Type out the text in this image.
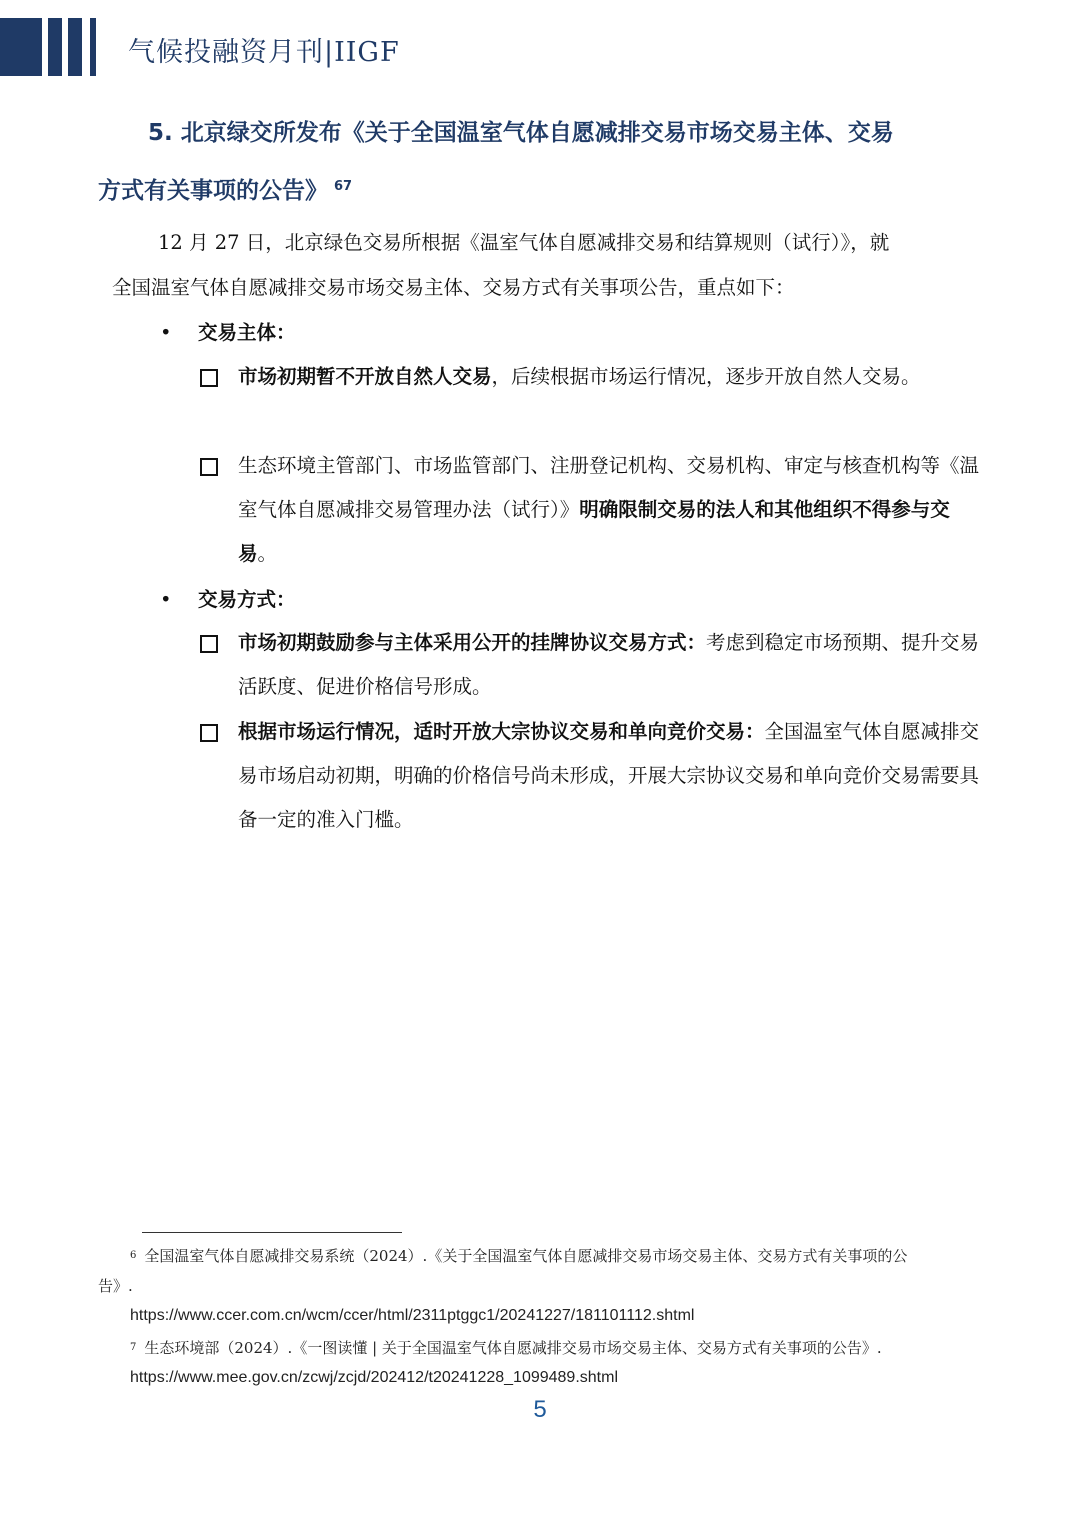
气候投融资月刊|IIGF
5. 北京绿交所发布《关于全国温室气体自愿减排交易市场交易主体、交易
方式有关事项的公告》 $^{67}$
12 月 27 日，北京绿色交易所根据《温室气体自愿减排交易和结算规则（试行）》，就
全国温室气体自愿减排交易市场交易主体、交易方式有关事项公告，重点如下：
• 交易主体：
市场初期暂不开放自然人交易，后续根据市场运行情况，逐步开放自然人交易。
生态环境主管部门、市场监管部门、注册登记机构、交易机构、审定与核查机构等《温室气体自愿减排交易管理办法（试行）》明确限制交易的法人和其他组织不得参与交易。
• 交易方式：
市场初期鼓励参与主体采用公开的挂牌协议交易方式：考虑到稳定市场预期、提升交易活跃度、促进价格信号形成。
根据市场运行情况，适时开放大宗协议交易和单向竞价交易：全国温室气体自愿减排交易市场启动初期，明确的价格信号尚未形成，开展大宗协议交易和单向竞价交易需要具备一定的准入门槛。
$^6$ 全国温室气体自愿减排交易系统（2024）.《关于全国温室气体自愿减排交易市场交易主体、交易方式有关事项的公
告》.
https://www.ccer.com.cn/wcm/ccer/html/2311ptggc1/20241227/181101112.shtml
$^7$ 生态环境部（2024）.《一图读懂 | 关于全国温室气体自愿减排交易市场交易主体、交易方式有关事项的公告》.
https://www.mee.gov.cn/zcwj/zcjd/202412/t20241228_1099489.shtml
5
